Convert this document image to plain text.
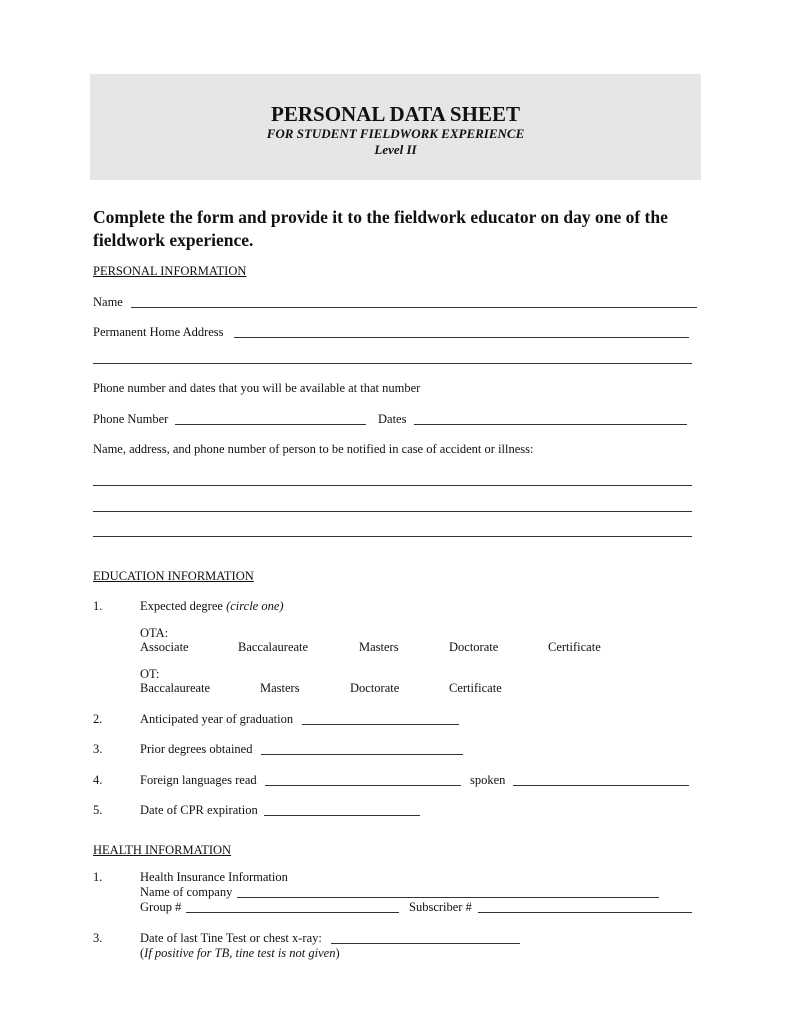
PERSONAL DATA SHEET
FOR STUDENT FIELDWORK EXPERIENCE
Level II
Complete the form and provide it to the fieldwork educator on day one of the fieldwork experience.
PERSONAL INFORMATION
Name
Permanent Home Address
Phone number and dates that you will be available at that number
Phone Number	Dates
Name, address, and phone number of person to be notified in case of accident or illness:
EDUCATION INFORMATION
1.	Expected degree (circle one)
OTA:
Associate	Baccalaureate	Masters	Doctorate	Certificate
OT:
Baccalaureate	Masters	Doctorate	Certificate
2.	Anticipated year of graduation
3.	Prior degrees obtained
4.	Foreign languages read	spoken
5.	Date of CPR expiration
HEALTH INFORMATION
1.	Health Insurance Information
Name of company
Group #	Subscriber #
3.	Date of last Tine Test or chest x-ray:
(If positive for TB, tine test is not given)
